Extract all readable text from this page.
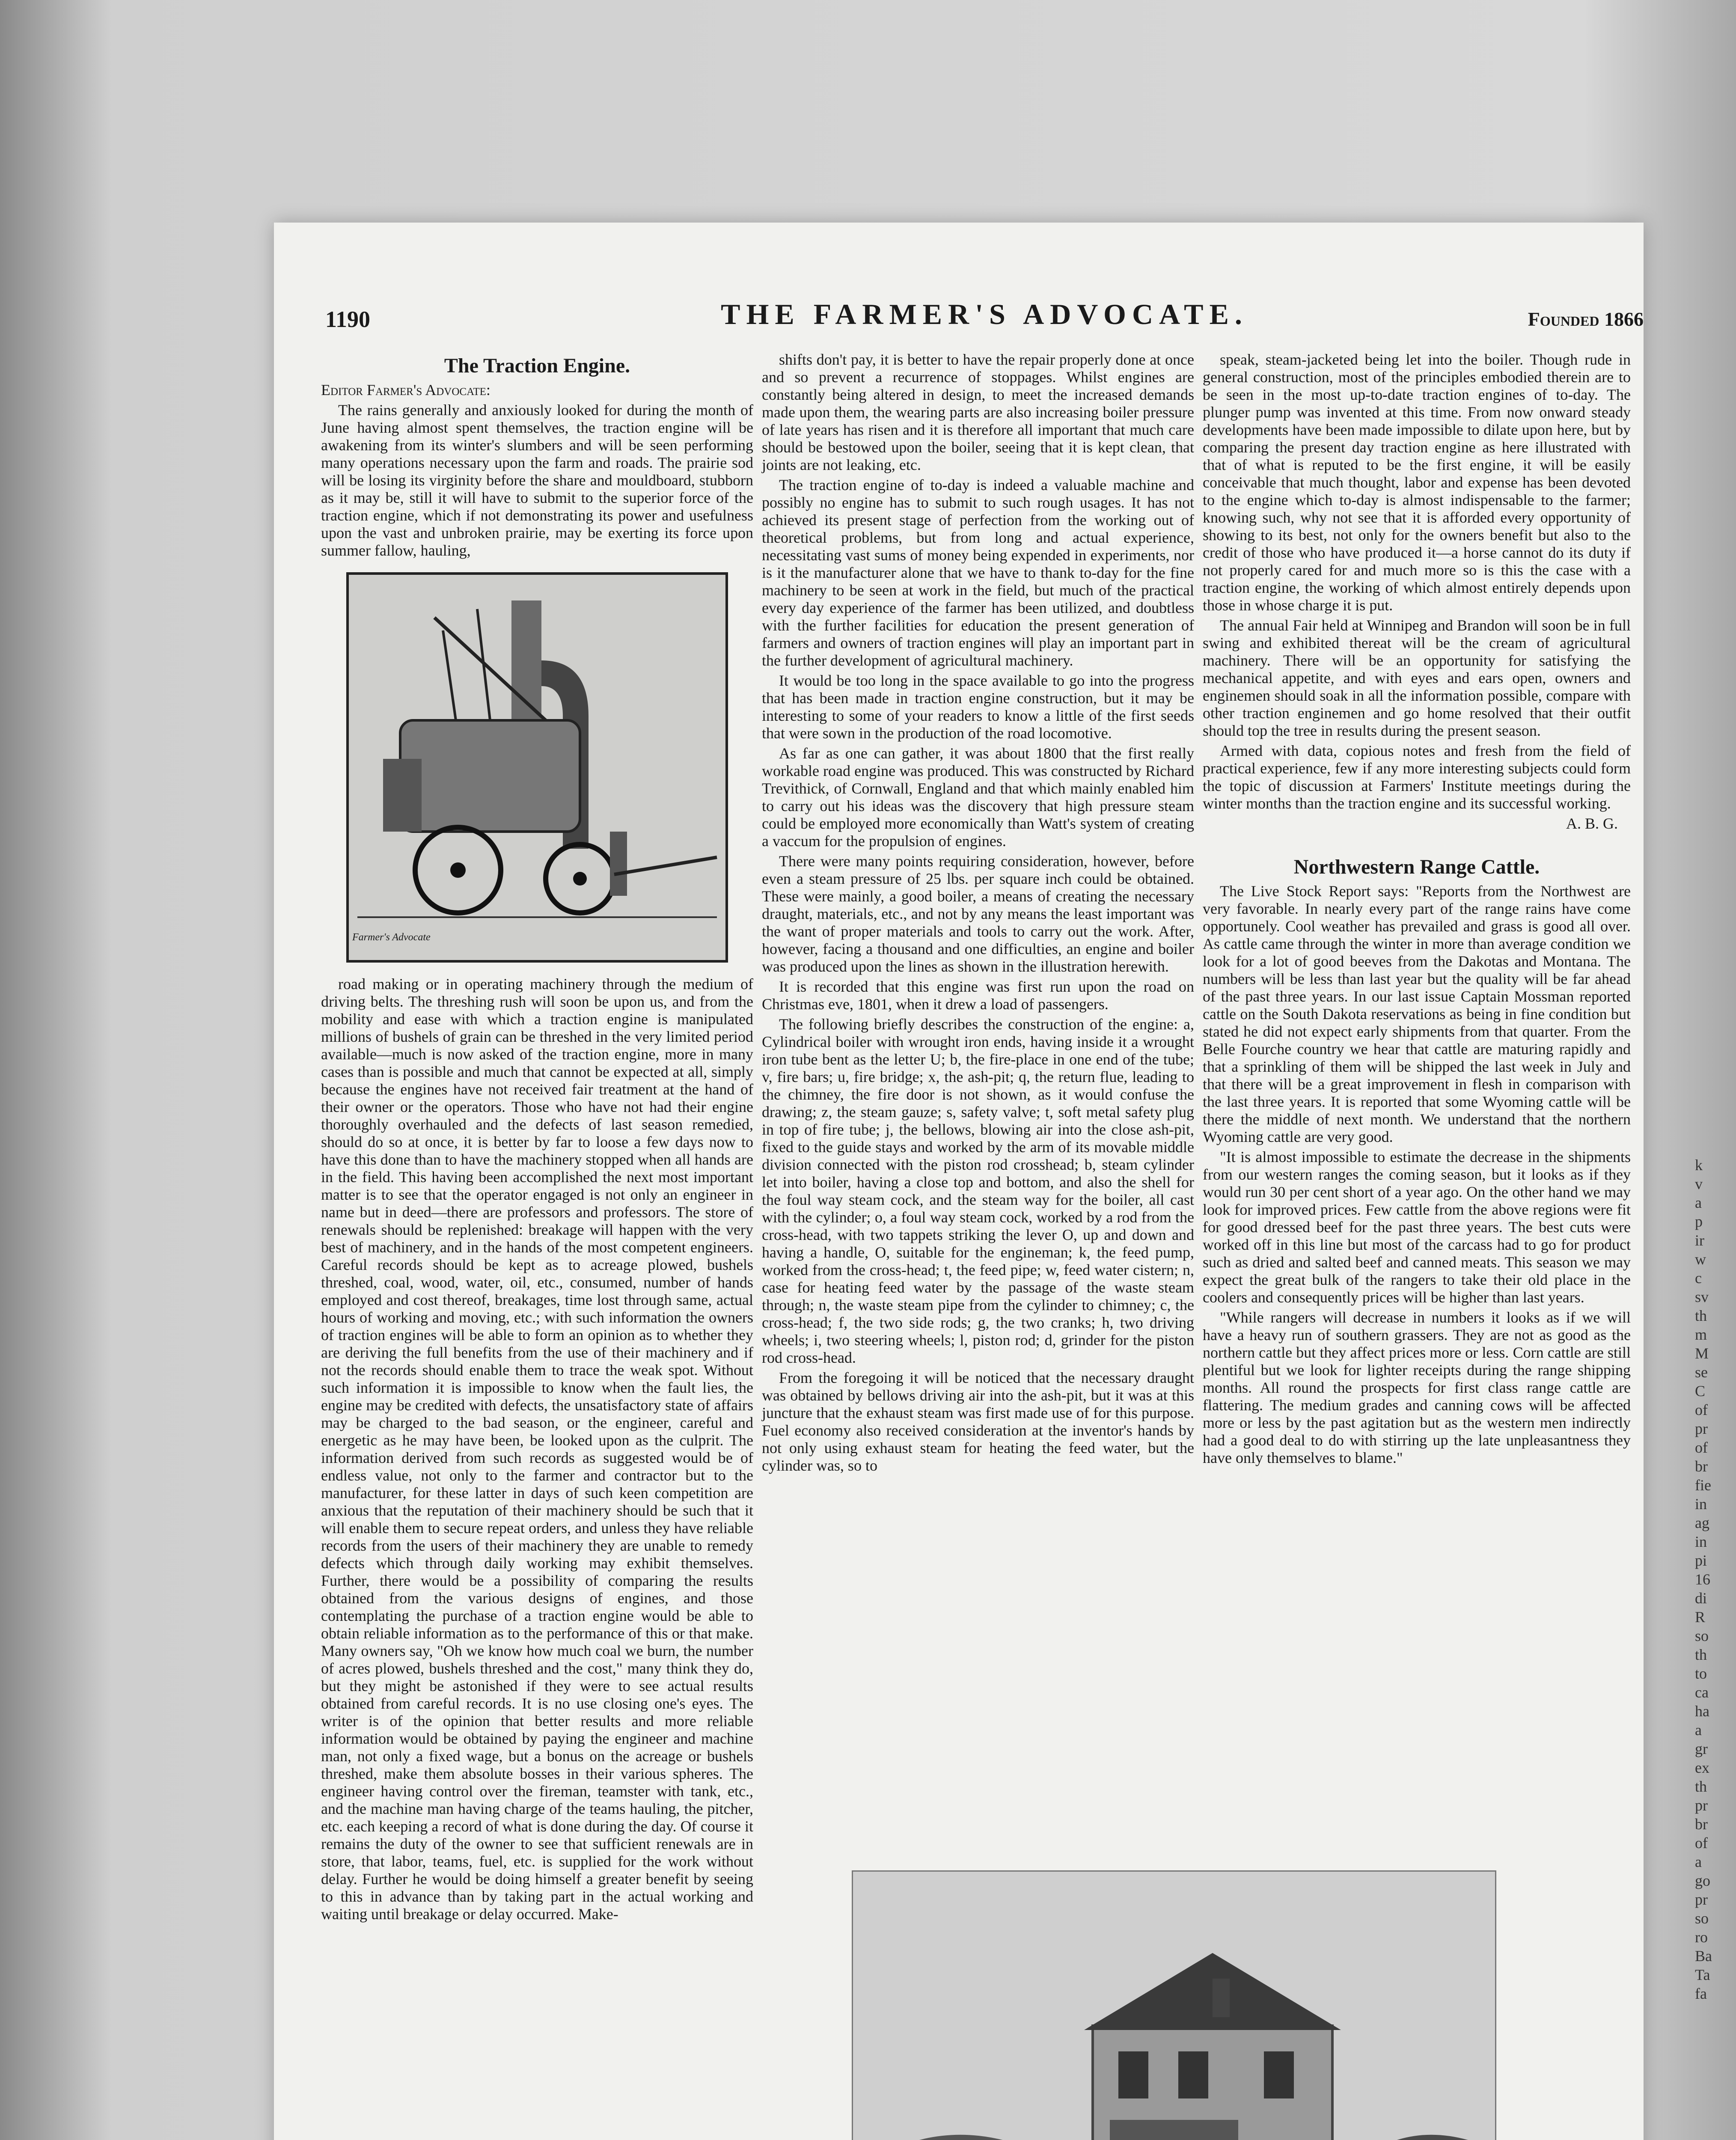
1190	THE FARMER'S ADVOCATE.	Founded 1866
The Traction Engine.
Editor Farmer's Advocate:

The rains generally and anxiously looked for during the month of June having almost spent themselves, the traction engine will be awakening from its winter's slumbers and will be seen performing many operations necessary upon the farm and roads. The prairie sod will be losing its virginity before the share and mouldboard, stubborn as it may be, still it will have to submit to the superior force of the traction engine, which if not demonstrating its power and usefulness upon the vast and unbroken prairie, may be exerting its force upon summer fallow, hauling,

Farmer's Advocate

road making or in operating machinery through the medium of driving belts. The threshing rush will soon be upon us, and from the mobility and ease with which a traction engine is manipulated millions of bushels of grain can be threshed in the very limited period available—much is now asked of the traction engine, more in many cases than is possible and much that cannot be expected at all, simply because the engines have not received fair treatment at the hand of their owner or the operators. Those who have not had their engine thoroughly overhauled and the defects of last season remedied, should do so at once, it is better by far to loose a few days now to have this done than to have the machinery stopped when all hands are in the field. This having been accomplished the next most important matter is to see that the operator engaged is not only an engineer in name but in deed—there are professors and professors. The store of renewals should be replenished: breakage will happen with the very best of machinery, and in the hands of the most competent engineers. Careful records should be kept as to acreage plowed, bushels threshed, coal, wood, water, oil, etc., consumed, number of hands employed and cost thereof, breakages, time lost through same, actual hours of working and moving, etc.; with such information the owners of traction engines will be able to form an opinion as to whether they are deriving the full benefits from the use of their machinery and if not the records should enable them to trace the weak spot. Without such information it is impossible to know when the fault lies, the engine may be credited with defects, the unsatisfactory state of affairs may be charged to the bad season, or the engineer, careful and energetic as he may have been, be looked upon as the culprit. The information derived from such records as suggested would be of endless value, not only to the farmer and contractor but to the manufacturer, for these latter in days of such keen competition are anxious that the reputation of their machinery should be such that it will enable them to secure repeat orders, and unless they have reliable records from the users of their machinery they are unable to remedy defects which through daily working may exhibit themselves. Further, there would be a possibility of comparing the results obtained from the various designs of engines, and those contemplating the purchase of a traction engine would be able to obtain reliable information as to the performance of this or that make. Many owners say, "Oh we know how much coal we burn, the number of acres plowed, bushels threshed and the cost," many think they do, but they might be astonished if they were to see actual results obtained from careful records. It is no use closing one's eyes. The writer is of the opinion that better results and more reliable information would be obtained by paying the engineer and machine man, not only a fixed wage, but a bonus on the acreage or bushels threshed, make them absolute bosses in their various spheres. The engineer having control over the fireman, teamster with tank, etc., and the machine man having charge of the teams hauling, the pitcher, etc. each keeping a record of what is done during the day. Of course it remains the duty of the owner to see that sufficient renewals are in store, that labor, teams, fuel, etc. is supplied for the work without delay. Further he would be doing himself a greater benefit by seeing to this in advance than by taking part in the actual working and waiting until breakage or delay occurred. Make-

shifts don't pay, it is better to have the repair properly done at once and so prevent a recurrence of stoppages. Whilst engines are constantly being altered in design, to meet the increased demands made upon them, the wearing parts are also increasing boiler pressure of late years has risen and it is therefore all important that much care should be bestowed upon the boiler, seeing that it is kept clean, that joints are not leaking, etc.

The traction engine of to-day is indeed a valuable machine and possibly no engine has to submit to such rough usages. It has not achieved its present stage of perfection from the working out of theoretical problems, but from long and actual experience, necessitating vast sums of money being expended in experiments, nor is it the manufacturer alone that we have to thank to-day for the fine machinery to be seen at work in the field, but much of the practical every day experience of the farmer has been utilized, and doubtless with the further facilities for education the present generation of farmers and owners of traction engines will play an important part in the further development of agricultural machinery.

It would be too long in the space available to go into the progress that has been made in traction engine construction, but it may be interesting to some of your readers to know a little of the first seeds that were sown in the production of the road locomotive.

As far as one can gather, it was about 1800 that the first really workable road engine was produced. This was constructed by Richard Trevithick, of Cornwall, England and that which mainly enabled him to carry out his ideas was the discovery that high pressure steam could be employed more economically than Watt's system of creating a vaccum for the propulsion of engines.

There were many points requiring consideration, however, before even a steam pressure of 25 lbs. per square inch could be obtained. These were mainly, a good boiler, a means of creating the necessary draught, materials, etc., and not by any means the least important was the want of proper materials and tools to carry out the work. After, however, facing a thousand and one difficulties, an engine and boiler was produced upon the lines as shown in the illustration herewith.

It is recorded that this engine was first run upon the road on Christmas eve, 1801, when it drew a load of passengers.

The following briefly describes the construction of the engine: a, Cylindrical boiler with wrought iron ends, having inside it a wrought iron tube bent as the letter U; b, the fire-place in one end of the tube; v, fire bars; u, fire bridge; x, the ash-pit; q, the return flue, leading to the chimney, the fire door is not shown, as it would confuse the drawing; z, the steam gauze; s, safety valve; t, soft metal safety plug in top of fire tube; j, the bellows, blowing air into the close ash-pit, fixed to the guide stays and worked by the arm of its movable middle division connected with the piston rod crosshead; b, steam cylinder let into boiler, having a close top and bottom, and also the shell for the foul way steam cock, and the steam way for the boiler, all cast with the cylinder; o, a foul way steam cock, worked by a rod from the cross-head, with two tappets striking the lever O, up and down and having a handle, O, suitable for the engineman; k, the feed pump, worked from the cross-head; t, the feed pipe; w, feed water cistern; n, case for heating feed water by the passage of the waste steam through; n, the waste steam pipe from the cylinder to chimney; c, the cross-head; f, the two side rods; g, the two cranks; h, two driving wheels; i, two steering wheels; l, piston rod; d, grinder for the piston rod cross-head.

From the foregoing it will be noticed that the necessary draught was obtained by bellows driving air into the ash-pit, but it was at this juncture that the exhaust steam was first made use of for this purpose. Fuel economy also received consideration at the inventor's hands by not only using exhaust steam for heating the feed water, but the cylinder was, so to

speak, steam-jacketed being let into the boiler. Though rude in general construction, most of the principles embodied therein are to be seen in the most up-to-date traction engines of to-day. The plunger pump was invented at this time. From now onward steady developments have been made impossible to dilate upon here, but by comparing the present day traction engine as here illustrated with that of what is reputed to be the first engine, it will be easily conceivable that much thought, labor and expense has been devoted to the engine which to-day is almost indispensable to the farmer; knowing such, why not see that it is afforded every opportunity of showing to its best, not only for the owners benefit but also to the credit of those who have produced it—a horse cannot do its duty if not properly cared for and much more so is this the case with a traction engine, the working of which almost entirely depends upon those in whose charge it is put.

The annual Fair held at Winnipeg and Brandon will soon be in full swing and exhibited thereat will be the cream of agricultural machinery. There will be an opportunity for satisfying the mechanical appetite, and with eyes and ears open, owners and enginemen should soak in all the information possible, compare with other traction enginemen and go home resolved that their outfit should top the tree in results during the present season.

Armed with data, copious notes and fresh from the field of practical experience, few if any more interesting subjects could form the topic of discussion at Farmers' Institute meetings during the winter months than the traction engine and its successful working.

A. B. G.
Northwestern Range Cattle.

The Live Stock Report says: "Reports from the Northwest are very favorable. In nearly every part of the range rains have come opportunely. Cool weather has prevailed and grass is good all over. As cattle came through the winter in more than average condition we look for a lot of good beeves from the Dakotas and Montana. The numbers will be less than last year but the quality will be far ahead of the past three years. In our last issue Captain Mossman reported cattle on the South Dakota reservations as being in fine condition but stated he did not expect early shipments from that quarter. From the Belle Fourche country we hear that cattle are maturing rapidly and that a sprinkling of them will be shipped the last week in July and that there will be a great improvement in flesh in comparison with the last three years. It is reported that some Wyoming cattle will be there the middle of next month. We understand that the northern Wyoming cattle are very good.

"It is almost impossible to estimate the decrease in the shipments from our western ranges the coming season, but it looks as if they would run 30 per cent short of a year ago. On the other hand we may look for improved prices. Few cattle from the above regions were fit for good dressed beef for the past three years. The best cuts were worked off in this line but most of the carcass had to go for product such as dried and salted beef and canned meats. This season we may expect the great bulk of the rangers to take their old place in the coolers and consequently prices will be higher than last years.

"While rangers will decrease in numbers it looks as if we will have a heavy run of southern grassers. They are not as good as the northern cattle but they affect prices more or less. Corn cattle are still plentiful but we look for lighter receipts during the range shipping months. All round the prospects for first class range cattle are flattering. The medium grades and canning cows will be affected more or less by the past agitation but as the western men indirectly had a good deal to do with stirring up the late unpleasantness they have only themselves to blame."

k
v
a
p
ir
w
c
sv
th
m
M
se
C
of
pr
of
br
fie
in
ag
in
pi
16
di
R
so
th
to
ca
ha
a
gr
ex
th
pr
br
of
a
go
pr
so
ro
Ba
Ta
fa
